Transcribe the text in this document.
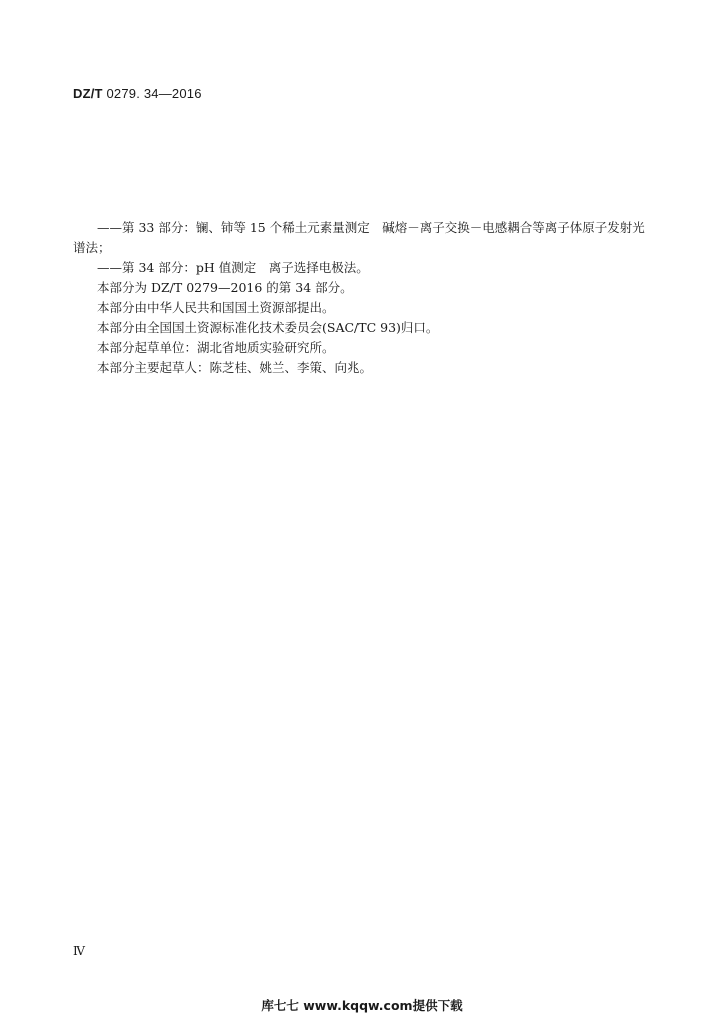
DZ/T 0279. 34—2016

——第 33 部分：镧、铈等 15 个稀土元素量测定　碱熔－离子交换－电感耦合等离子体原子发射光谱法；

——第 34 部分：pH 值测定　离子选择电极法。

本部分为 DZ/T 0279—2016 的第 34 部分。

本部分由中华人民共和国国土资源部提出。

本部分由全国国土资源标准化技术委员会(SAC/TC 93)归口。

本部分起草单位：湖北省地质实验研究所。

本部分主要起草人：陈芝桂、姚兰、李策、向兆。

Ⅳ
库七七 www.kqqw.com提供下载
